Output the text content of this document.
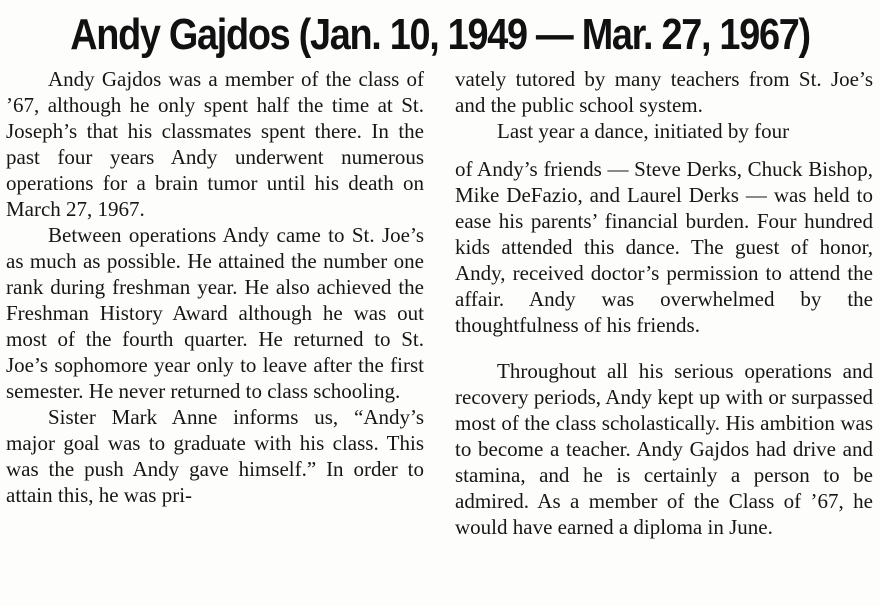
Andy Gajdos (Jan. 10, 1949 — Mar. 27, 1967)

Andy Gajdos was a member of the class of ’67, although he only spent half the time at St. Joseph’s that his classmates spent there. In the past four years Andy underwent numerous operations for a brain tumor until his death on March 27, 1967.

Between operations Andy came to St. Joe’s as much as possible. He attained the number one rank during freshman year. He also achieved the Freshman History Award although he was out most of the fourth quarter. He returned to St. Joe’s sophomore year only to leave after the first semester. He never returned to class schooling.

Sister Mark Anne informs us, “Andy’s major goal was to graduate with his class. This was the push Andy gave himself.” In order to attain this, he was pri-

vately tutored by many teachers from St. Joe’s and the public school system.

Last year a dance, initiated by four

of Andy’s friends — Steve Derks, Chuck Bishop, Mike DeFazio, and Laurel Derks — was held to ease his parents’ financial burden. Four hundred kids attended this dance. The guest of honor, Andy, received doctor’s permission to attend the affair. Andy was overwhelmed by the thoughtfulness of his friends.

Throughout all his serious operations and recovery periods, Andy kept up with or surpassed most of the class scholastically. His ambition was to become a teacher. Andy Gajdos had drive and stamina, and he is certainly a person to be admired. As a member of the Class of ’67, he would have earned a diploma in June.
